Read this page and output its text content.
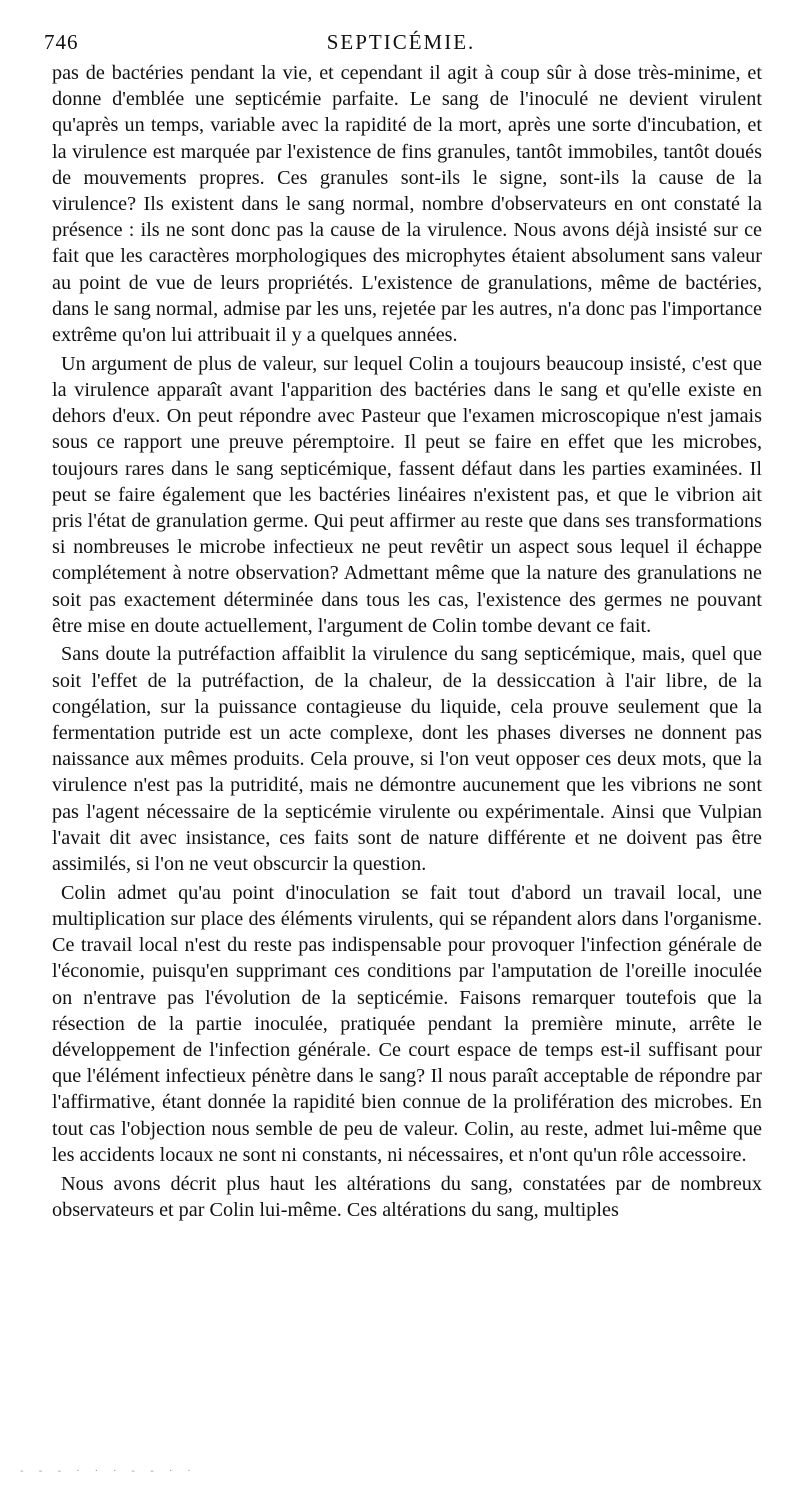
746	SEPTICÉMIE.

pas de bactéries pendant la vie, et cependant il agit à coup sûr à dose très-minime, et donne d'emblée une septicémie parfaite. Le sang de l'inoculé ne devient virulent qu'après un temps, variable avec la rapidité de la mort, après une sorte d'incubation, et la virulence est marquée par l'existence de fins granules, tantôt immobiles, tantôt doués de mouvements propres. Ces granules sont-ils le signe, sont-ils la cause de la virulence? Ils existent dans le sang normal, nombre d'observateurs en ont constaté la présence : ils ne sont donc pas la cause de la virulence. Nous avons déjà insisté sur ce fait que les caractères morphologiques des microphytes étaient absolument sans valeur au point de vue de leurs propriétés. L'existence de granulations, même de bactéries, dans le sang normal, admise par les uns, rejetée par les autres, n'a donc pas l'importance extrême qu'on lui attribuait il y a quelques années.

Un argument de plus de valeur, sur lequel Colin a toujours beaucoup insisté, c'est que la virulence apparaît avant l'apparition des bactéries dans le sang et qu'elle existe en dehors d'eux. On peut répondre avec Pasteur que l'examen microscopique n'est jamais sous ce rapport une preuve péremptoire. Il peut se faire en effet que les microbes, toujours rares dans le sang septicémique, fassent défaut dans les parties examinées. Il peut se faire également que les bactéries linéaires n'existent pas, et que le vibrion ait pris l'état de granulation germe. Qui peut affirmer au reste que dans ses transformations si nombreuses le microbe infectieux ne peut revêtir un aspect sous lequel il échappe complétement à notre observation? Admettant même que la nature des granulations ne soit pas exactement déterminée dans tous les cas, l'existence des germes ne pouvant être mise en doute actuellement, l'argument de Colin tombe devant ce fait.

Sans doute la putréfaction affaiblit la virulence du sang septicémique, mais, quel que soit l'effet de la putréfaction, de la chaleur, de la dessiccation à l'air libre, de la congélation, sur la puissance contagieuse du liquide, cela prouve seulement que la fermentation putride est un acte complexe, dont les phases diverses ne donnent pas naissance aux mêmes produits. Cela prouve, si l'on veut opposer ces deux mots, que la virulence n'est pas la putridité, mais ne démontre aucunement que les vibrions ne sont pas l'agent nécessaire de la septicémie virulente ou expérimentale. Ainsi que Vulpian l'avait dit avec insistance, ces faits sont de nature différente et ne doivent pas être assimilés, si l'on ne veut obscurcir la question.

Colin admet qu'au point d'inoculation se fait tout d'abord un travail local, une multiplication sur place des éléments virulents, qui se répandent alors dans l'organisme. Ce travail local n'est du reste pas indispensable pour provoquer l'infection générale de l'économie, puisqu'en supprimant ces conditions par l'amputation de l'oreille inoculée on n'entrave pas l'évolution de la septicémie. Faisons remarquer toutefois que la résection de la partie inoculée, pratiquée pendant la première minute, arrête le développement de l'infection générale. Ce court espace de temps est-il suffisant pour que l'élément infectieux pénètre dans le sang? Il nous paraît acceptable de répondre par l'affirmative, étant donnée la rapidité bien connue de la prolifération des microbes. En tout cas l'objection nous semble de peu de valeur. Colin, au reste, admet lui-même que les accidents locaux ne sont ni constants, ni nécessaires, et n'ont qu'un rôle accessoire.

Nous avons décrit plus haut les altérations du sang, constatées par de nombreux observateurs et par Colin lui-même. Ces altérations du sang, multiples

‐ ‐ ‐ · · · ‐ ‐ · ·
